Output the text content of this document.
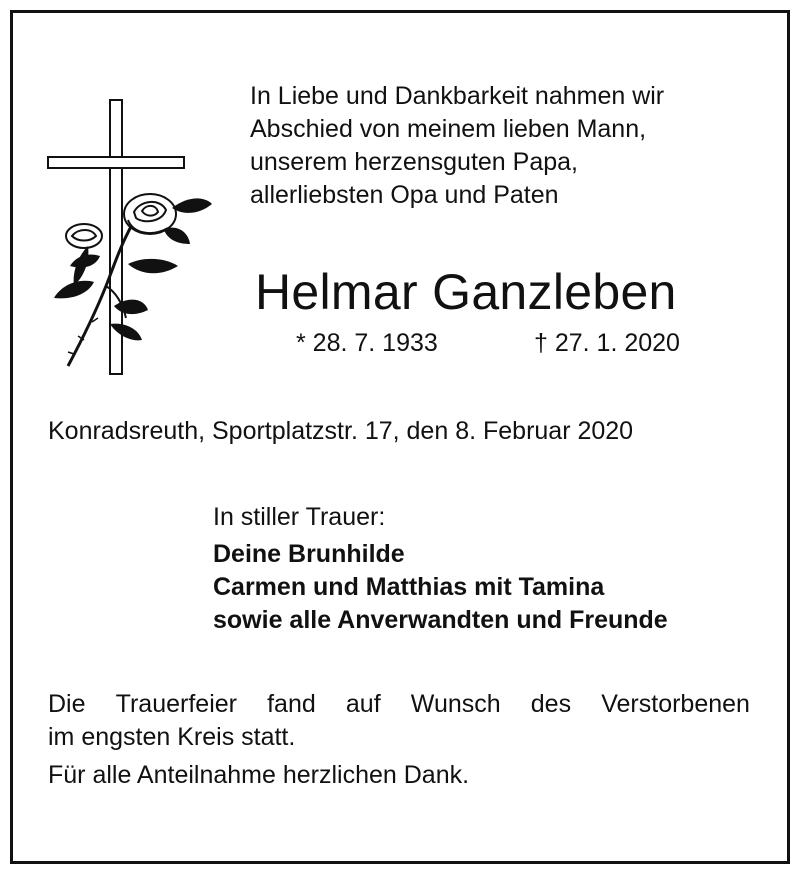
In Liebe und Dankbarkeit nahmen wir
Abschied von meinem lieben Mann,
unserem herzensguten Papa,
allerliebsten Opa und Paten
Helmar Ganzleben
* 28. 7. 1933	† 27. 1. 2020
Konradsreuth, Sportplatzstr. 17, den 8. Februar 2020
In stiller Trauer:
Deine Brunhilde
Carmen und Matthias mit Tamina
sowie alle Anverwandten und Freunde
Die Trauerfeier fand auf Wunsch des Verstorbenen
im engsten Kreis statt.
Für alle Anteilnahme herzlichen Dank.
